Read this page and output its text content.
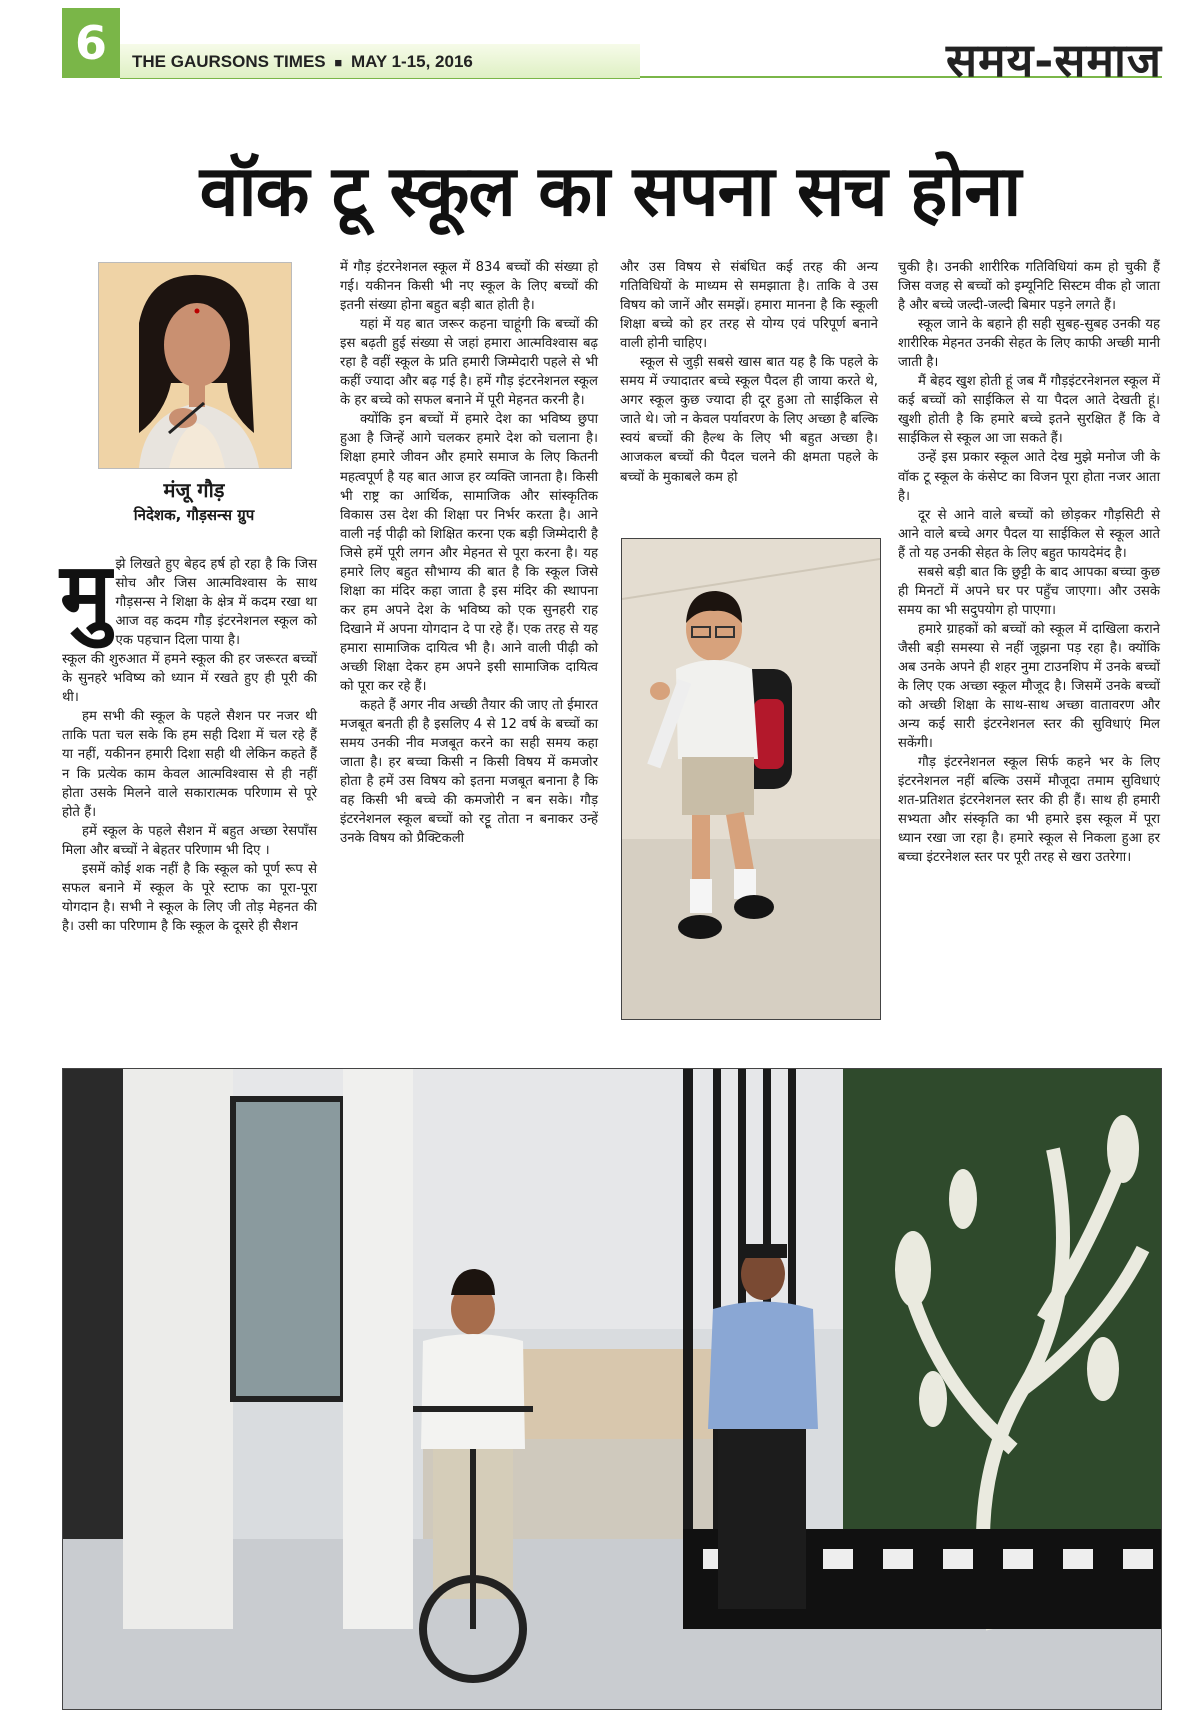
6	THE GAURSONS TIMES ■ MAY 1-15, 2016	समय-समाज
वॉक टू स्कूल का सपना सच होना
मंजू गौड़
निदेशक, गौड़सन्स ग्रुप

मु झे लिखते हुए बेहद हर्ष हो रहा है कि जिस सोच और जिस आत्मविश्वास के साथ गौड़सन्स ने शिक्षा के क्षेत्र में कदम रखा था आज वह कदम गौड़ इंटरनेशनल स्कूल को एक पहचान दिला पाया है।

स्कूल की शुरुआत में हमने स्कूल की हर जरूरत बच्चों के सुनहरे भविष्य को ध्यान में रखते हुए ही पूरी की थी।

हम सभी की स्कूल के पहले सैशन पर नजर थी ताकि पता चल सके कि हम सही दिशा में चल रहे हैं या नहीं, यकीनन हमारी दिशा सही थी लेकिन कहते हैं न कि प्रत्येक काम केवल आत्मविश्वास से ही नहीं होता उसके मिलने वाले सकारात्मक परिणाम से पूरे होते हैं।

हमें स्कूल के पहले सैशन में बहुत अच्छा रेसपॉंस मिला और बच्चों ने बेहतर परिणाम भी दिए ।

इसमें कोई शक नहीं है कि स्कूल को पूर्ण रूप से सफल बनाने में स्कूल के पूरे स्टाफ का पूरा-पूरा योगदान है। सभी ने स्कूल के लिए जी तोड़ मेहनत की है। उसी का परिणाम है कि स्कूल के दूसरे ही सैशन

में गौड़ इंटरनेशनल स्कूल में 834 बच्चों की संख्या हो गई। यकीनन किसी भी नए स्कूल के लिए बच्चों की इतनी संख्या होना बहुत बड़ी बात होती है।

यहां में यह बात जरूर कहना चाहूंगी कि बच्चों की इस बढ़ती हुई संख्या से जहां हमारा आत्मविश्वास बढ़ रहा है वहीं स्कूल के प्रति हमारी जिम्मेदारी पहले से भी कहीं ज्यादा और बढ़ गई है। हमें गौड़ इंटरनेशनल स्कूल के हर बच्चे को सफल बनाने में पूरी मेहनत करनी है।

क्योंकि इन बच्चों में हमारे देश का भविष्य छुपा हुआ है जिन्हें आगे चलकर हमारे देश को चलाना है। शिक्षा हमारे जीवन और हमारे समाज के लिए कितनी महत्वपूर्ण है यह बात आज हर व्यक्ति जानता है। किसी भी राष्ट्र का आर्थिक, सामाजिक और सांस्कृतिक विकास उस देश की शिक्षा पर निर्भर करता है। आने वाली नई पीढ़ी को शिक्षित करना एक बड़ी जिम्मेदारी है जिसे हमें पूरी लगन और मेहनत से पूरा करना है। यह हमारे लिए बहुत सौभाग्य की बात है कि स्कूल जिसे शिक्षा का मंदिर कहा जाता है इस मंदिर की स्थापना कर हम अपने देश के भविष्य को एक सुनहरी राह दिखाने में अपना योगदान दे पा रहे हैं। एक तरह से यह हमारा सामाजिक दायित्व भी है। आने वाली पीढ़ी को अच्छी शिक्षा देकर हम अपने इसी सामाजिक दायित्व को पूरा कर रहे हैं।

कहते हैं अगर नीव अच्छी तैयार की जाए तो ईमारत मजबूत बनती ही है इसलिए 4 से 12 वर्ष के बच्चों का समय उनकी नीव मजबूत करने का सही समय कहा जाता है। हर बच्चा किसी न किसी विषय में कमजोर होता है हमें उस विषय को इतना मजबूत बनाना है कि वह किसी भी बच्चे की कमजोरी न बन सके। गौड़ इंटरनेशनल स्कूल बच्चों को रट्टू तोता न बनाकर उन्हें उनके विषय को प्रैक्टिकली

और उस विषय से संबंधित कई तरह की अन्य गतिविधियों के माध्यम से समझाता है। ताकि वे उस विषय को जानें और समझें। हमारा मानना है कि स्कूली शिक्षा बच्चे को हर तरह से योग्य एवं परिपूर्ण बनाने वाली होनी चाहिए।

स्कूल से जुड़ी सबसे खास बात यह है कि पहले के समय में ज्यादातर बच्चे स्कूल पैदल ही जाया करते थे, अगर स्कूल कुछ ज्यादा ही दूर हुआ तो साईकिल से जाते थे। जो न केवल पर्यावरण के लिए अच्छा है बल्कि स्वयं बच्चों की हैल्थ के लिए भी बहुत अच्छा है। आजकल बच्चों की पैदल चलने की क्षमता पहले के बच्चों के मुकाबले कम हो

चुकी है। उनकी शारीरिक गतिविधियां कम हो चुकी हैं जिस वजह से बच्चों को इम्यूनिटि सिस्टम वीक हो जाता है और बच्चे जल्दी-जल्दी बिमार पड़ने लगते हैं।

स्कूल जाने के बहाने ही सही सुबह-सुबह उनकी यह शारीरिक मेहनत उनकी सेहत के लिए काफी अच्छी मानी जाती है।

मैं बेहद खुश होती हूं जब मैं गौड़इंटरनेशनल स्कूल में कई बच्चों को साईकिल से या पैदल आते देखती हूं। खुशी होती है कि हमारे बच्चे इतने सुरक्षित हैं कि वे साईकिल से स्कूल आ जा सकते हैं।

उन्हें इस प्रकार स्कूल आते देख मुझे मनोज जी के वॉक टू स्कूल के कंसेप्ट का विजन पूरा होता नजर आता है।

दूर से आने वाले बच्चों को छोड़कर गौड़सिटी से आने वाले बच्चे अगर पैदल या साईकिल से स्कूल आते हैं तो यह उनकी सेहत के लिए बहुत फायदेमंद है।

सबसे बड़ी बात कि छुट्टी के बाद आपका बच्चा कुछ ही मिनटों में अपने घर पर पहुँच जाएगा। और उसके समय का भी सदुपयोग हो पाएगा।

हमारे ग्राहकों को बच्चों को स्कूल में दाखिला कराने जैसी बड़ी समस्या से नहीं जूझना पड़ रहा है। क्योंकि अब उनके अपने ही शहर नुमा टाउनशिप में उनके बच्चों के लिए एक अच्छा स्कूल मौजूद है। जिसमें उनके बच्चों को अच्छी शिक्षा के साथ-साथ अच्छा वातावरण और अन्य कई सारी इंटरनेशनल स्तर की सुविधाएं मिल सकेंगी।

गौड़ इंटरनेशनल स्कूल सिर्फ कहने भर के लिए इंटरनेशनल नहीं बल्कि उसमें मौजूदा तमाम सुविधाएं शत-प्रतिशत इंटरनेशनल स्तर की ही हैं। साथ ही हमारी सभ्यता और संस्कृति का भी हमारे इस स्कूल में पूरा ध्यान रखा जा रहा है। हमारे स्कूल से निकला हुआ हर बच्चा इंटरनेशल स्तर पर पूरी तरह से खरा उतरेगा।
